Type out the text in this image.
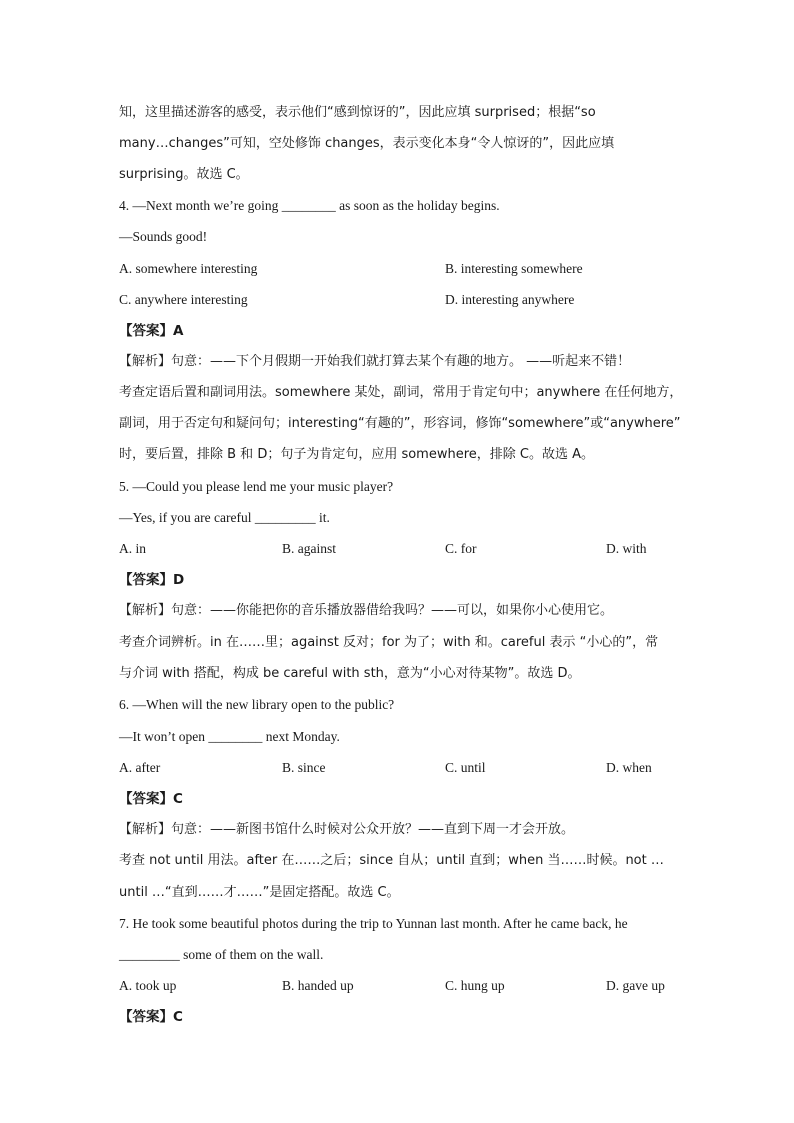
知，这里描述游客的感受，表示他们“感到惊讶的”，因此应填 surprised；根据“so
many…changes”可知，空处修饰 changes，表示变化本身“令人惊讶的”，因此应填
surprising。故选 C。
4. —Next month we’re going ________ as soon as the holiday begins.
—Sounds good!
A. somewhere interesting	B. interesting somewhere
C. anywhere interesting	D. interesting anywhere
【答案】A
【解析】句意：——下个月假期一开始我们就打算去某个有趣的地方。 ——听起来不错！
考查定语后置和副词用法。somewhere 某处，副词，常用于肯定句中；anywhere 在任何地方，
副词，用于否定句和疑问句；interesting“有趣的”，形容词，修饰“somewhere”或“anywhere”
时，要后置，排除 B 和 D；句子为肯定句，应用 somewhere，排除 C。故选 A。
5. —Could you please lend me your music player?
—Yes, if you are careful _________ it.
A. in	B. against	C. for	D. with
【答案】D
【解析】句意：——你能把你的音乐播放器借给我吗？——可以，如果你小心使用它。
考查介词辨析。in 在……里；against 反对；for 为了；with 和。careful 表示 “小心的”，常
与介词 with 搭配，构成 be careful with sth，意为“小心对待某物”。故选 D。
6. —When will the new library open to the public?
—It won’t open ________ next Monday.
A. after	B. since	C. until	D. when
【答案】C
【解析】句意：——新图书馆什么时候对公众开放？——直到下周一才会开放。
考查 not until 用法。after 在……之后；since 自从；until 直到；when 当……时候。not …
until …“直到……才……”是固定搭配。故选 C。
7. He took some beautiful photos during the trip to Yunnan last month. After he came back, he
_________ some of them on the wall.
A. took up	B. handed up	C. hung up	D. gave up
【答案】C
